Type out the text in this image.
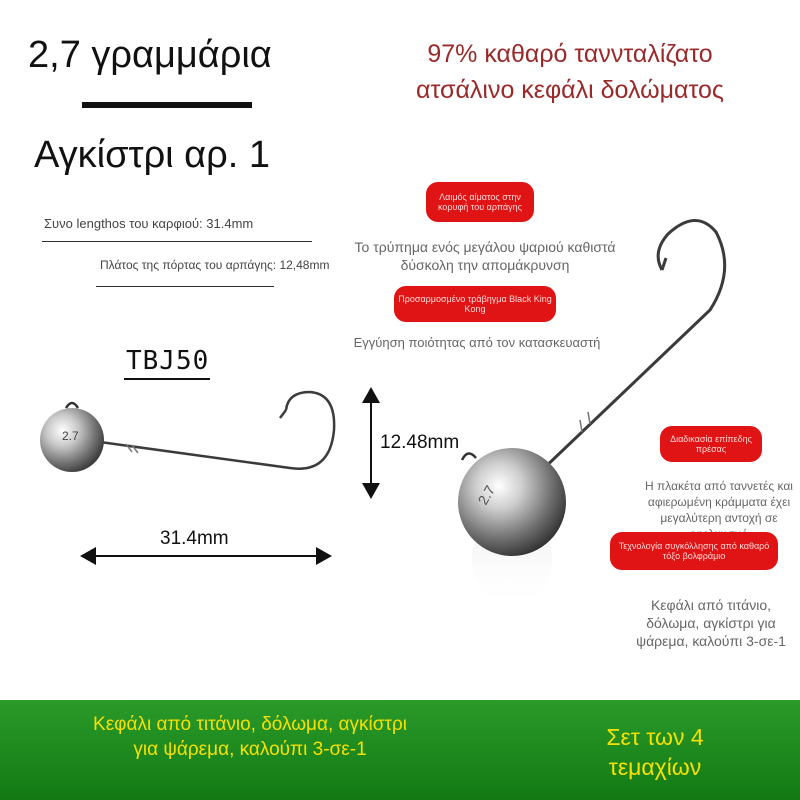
2,7 γραμμάρια
Αγκίστρι αρ. 1
97% καθαρό ταννταλίζατο
ατσάλινο κεφάλι δολώματος
Συνο lengthos του καρφιού: 31.4mm
Πλάτος της πόρτας του αρπάγης: 12,48mm
TBJ50
2.7	12.48mm
31.4mm
2.7
Λαιμός αίματος στην κορυφή του αρπάγης
Το τρύπημα ενός μεγάλου ψαριού καθιστά δύσκολη την απομάκρυνση
Προσαρμοσμένο τράβηγμα Black King Kong
Εγγύηση ποιότητας από τον κατασκευαστή
Διαδικασία επίπεδης πρέσας
Η πλακέτα από ταννετές και αφιερωμένη κράμματα έχει μεγαλύτερη αντοχή σε
Τεχνολογία συγκόλλησης από καθαρό τόξο βολφράμιο
Κεφάλι από τιτάνιο, δόλωμα, αγκίστρι για ψάρεμα, καλούπι 3-σε-1
Κεφάλι από τιτάνιο, δόλωμα, αγκίστρι για ψάρεμα, καλούπι 3-σε-1	Σετ των 4 τεμαχίων
